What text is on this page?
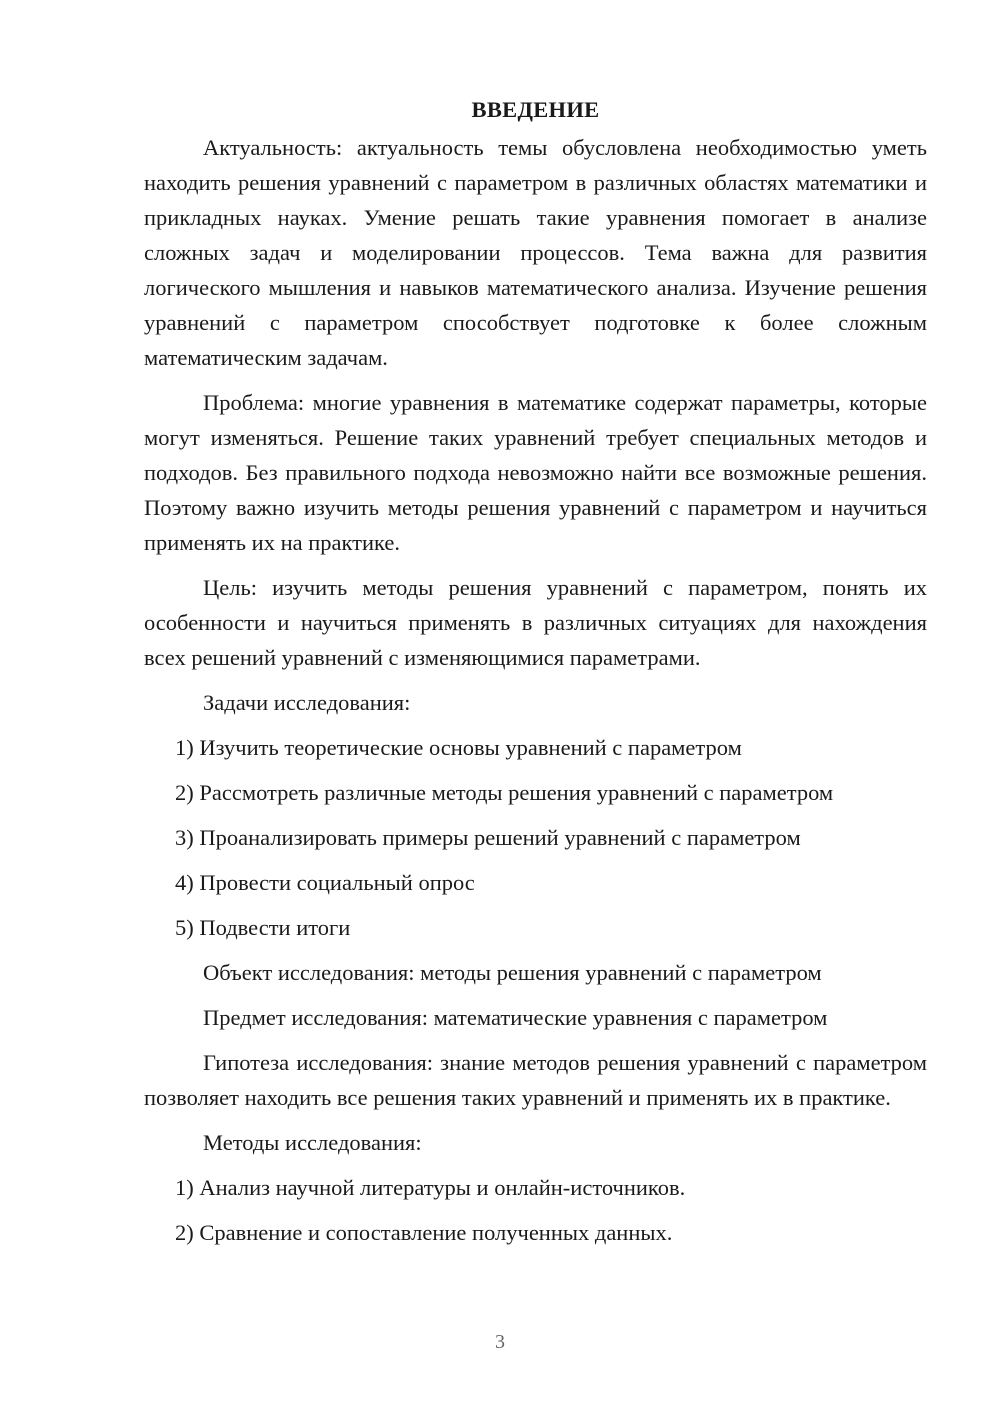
ВВЕДЕНИЕ

Актуальность: актуальность темы обусловлена необходимостью уметь находить решения уравнений с параметром в различных областях математики и прикладных науках. Умение решать такие уравнения помогает в анализе сложных задач и моделировании процессов. Тема важна для развития логического мышления и навыков математического анализа. Изучение решения уравнений с параметром способствует подготовке к более сложным математическим задачам.

Проблема: многие уравнения в математике содержат параметры, которые могут изменяться. Решение таких уравнений требует специальных методов и подходов. Без правильного подхода невозможно найти все возможные решения. Поэтому важно изучить методы решения уравнений с параметром и научиться применять их на практике.

Цель: изучить методы решения уравнений с параметром, понять их особенности и научиться применять в различных ситуациях для нахождения всех решений уравнений с изменяющимися параметрами.

Задачи исследования:

1) Изучить теоретические основы уравнений с параметром

2) Рассмотреть различные методы решения уравнений с параметром

3) Проанализировать примеры решений уравнений с параметром

4) Провести социальный опрос

5) Подвести итоги

Объект исследования: методы решения уравнений с параметром

Предмет исследования: математические уравнения с параметром

Гипотеза исследования: знание методов решения уравнений с параметром позволяет находить все решения таких уравнений и применять их в практике.

Методы исследования:

1) Анализ научной литературы и онлайн-источников.

2) Сравнение и сопоставление полученных данных.

3
